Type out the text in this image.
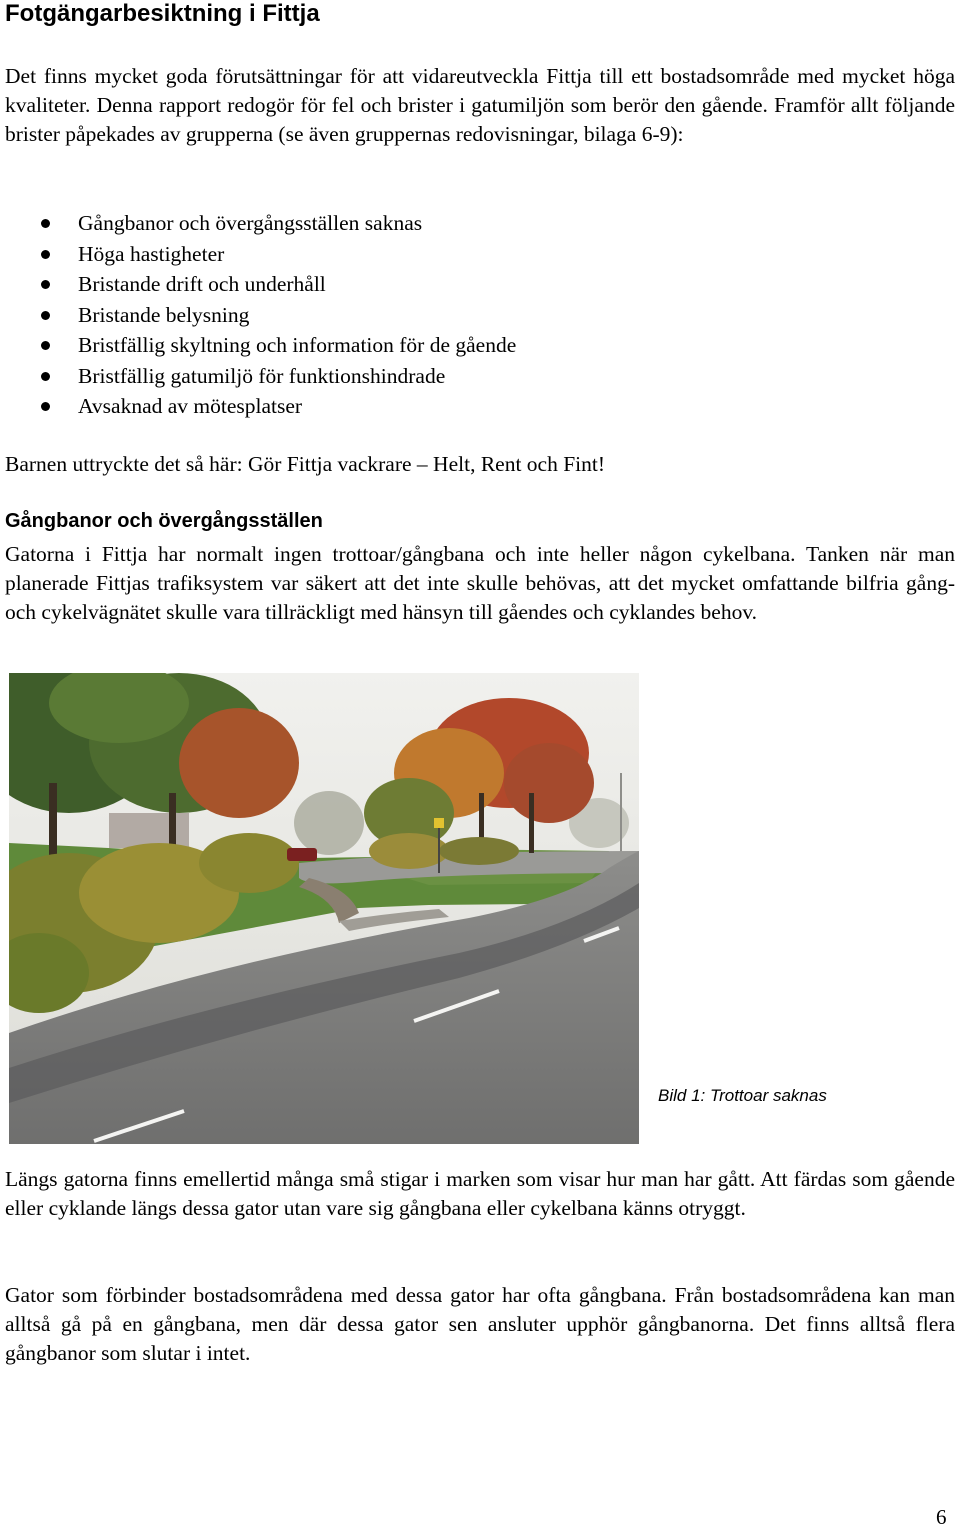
Fotgängarbesiktning i Fittja

Det finns mycket goda förutsättningar för att vidareutveckla Fittja till ett bostadsområde med mycket höga kvaliteter. Denna rapport redogör för fel och brister i gatumiljön som berör den gående. Framför allt följande brister påpekades av grupperna (se även gruppernas redovisningar, bilaga 6-9):

Gångbanor och övergångsställen saknas
Höga hastigheter
Bristande drift och underhåll
Bristande belysning
Bristfällig skyltning och information för de gående
Bristfällig gatumiljö för funktionshindrade
Avsaknad av mötesplatser

Barnen uttryckte det så här: Gör Fittja vackrare – Helt, Rent och Fint!

Gångbanor och övergångsställen

Gatorna i Fittja har normalt ingen trottoar/gångbana och inte heller någon cykelbana. Tanken när man planerade Fittjas trafiksystem var säkert att det inte skulle behövas, att det mycket omfattande bilfria gång- och cykelvägnätet skulle vara tillräckligt med hänsyn till gåendes och cyklandes behov.

Bild 1: Trottoar saknas

Längs gatorna finns emellertid många små stigar i marken som visar hur man har gått. Att färdas som gående eller cyklande längs dessa gator utan vare sig gångbana eller cykelbana känns otryggt.

Gator som förbinder bostadsområdena med dessa gator har ofta gångbana. Från bostadsområdena kan man alltså gå på en gångbana, men där dessa gator sen ansluter upphör gångbanorna. Det finns alltså flera gångbanor som slutar i intet.

6
